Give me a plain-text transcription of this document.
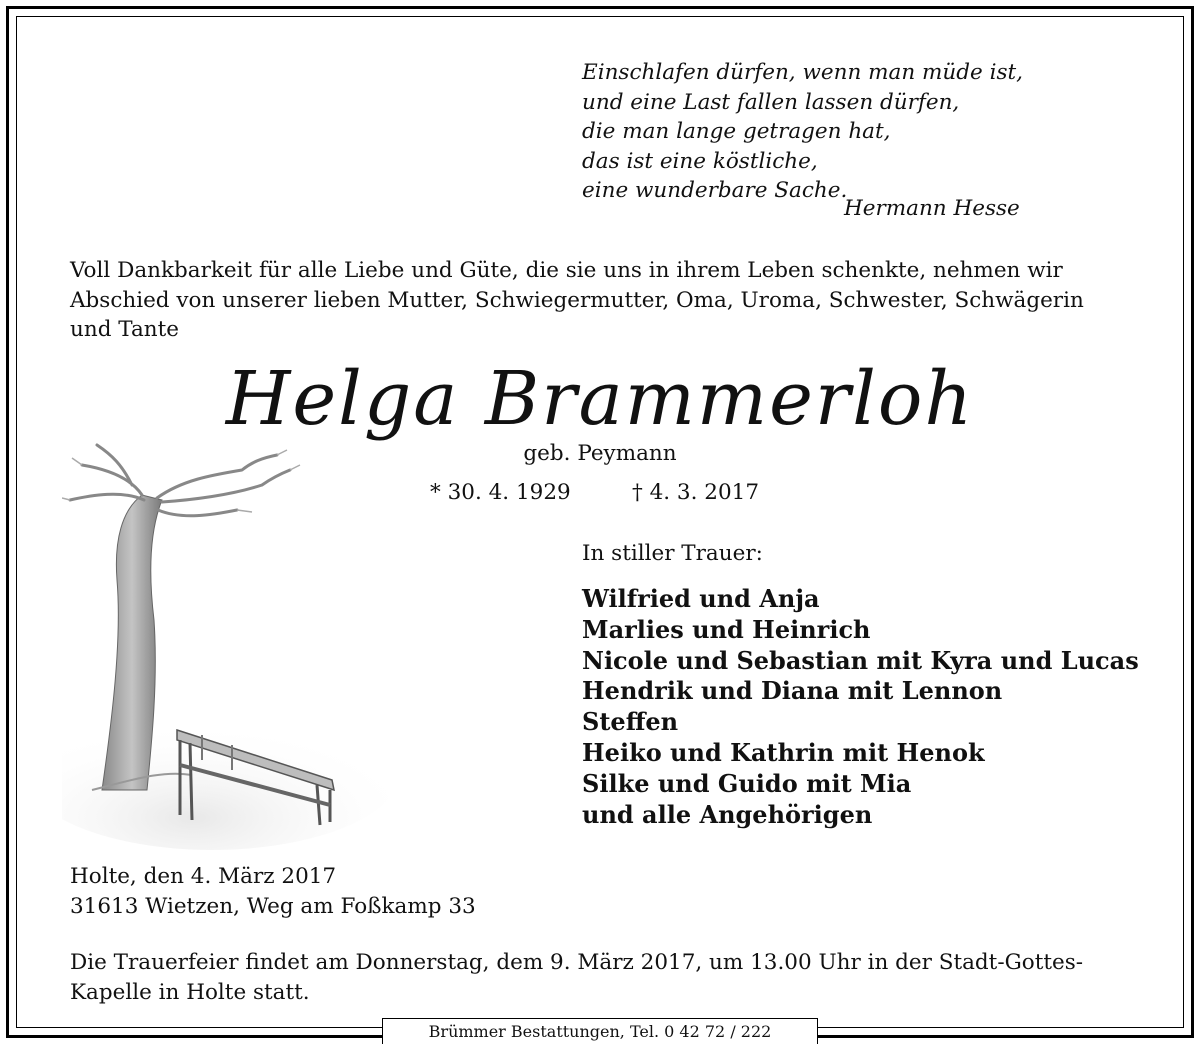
Einschlafen dürfen, wenn man müde ist,
und eine Last fallen lassen dürfen,
die man lange getragen hat,
das ist eine köstliche,
eine wunderbare Sache.
Hermann Hesse
Voll Dankbarkeit für alle Liebe und Güte, die sie uns in ihrem Leben schenkte, nehmen wir
Abschied von unserer lieben Mutter, Schwiegermutter, Oma, Uroma, Schwester, Schwägerin
und Tante
Helga Brammerloh
geb. Peymann
* 30. 4. 1929	† 4. 3. 2017
In stiller Trauer:
Wilfried und Anja
Marlies und Heinrich
Nicole und Sebastian mit Kyra und Lucas
Hendrik und Diana mit Lennon
Steffen
Heiko und Kathrin mit Henok
Silke und Guido mit Mia
und alle Angehörigen
Holte, den 4. März 2017
31613 Wietzen, Weg am Foßkamp 33
Die Trauerfeier findet am Donnerstag, dem 9. März 2017, um 13.00 Uhr in der Stadt-Gottes-
Kapelle in Holte statt.
Brümmer Bestattungen, Tel. 0 42 72 / 222
